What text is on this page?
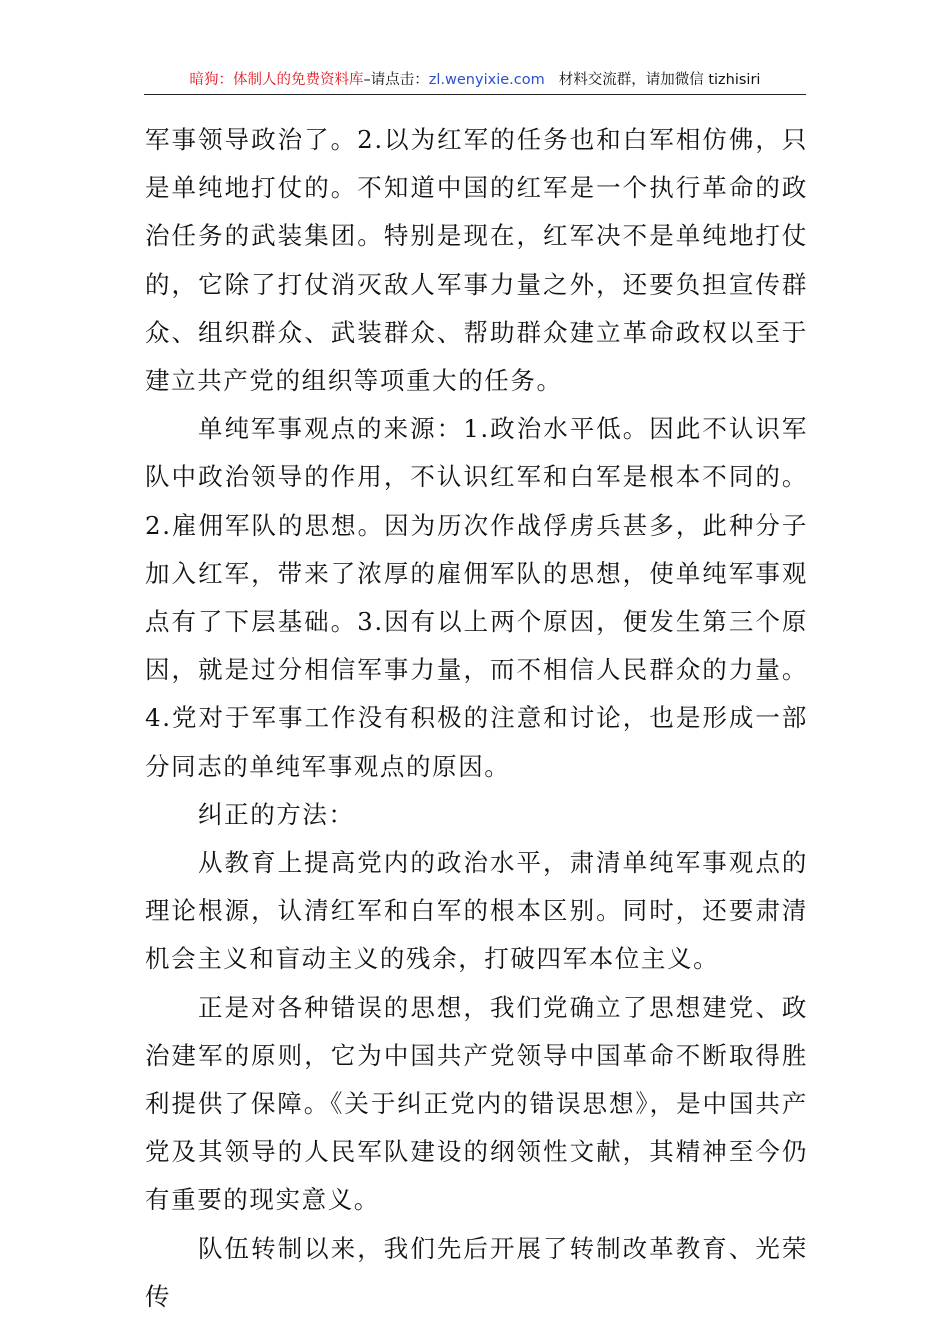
暗狗：体制人的免费资料库–请点击：zl.wenyixie.com 材料交流群，请加微信 tizhisiri

军事领导政治了。2.以为红军的任务也和白军相仿佛，只是单纯地打仗的。不知道中国的红军是一个执行革命的政治任务的武装集团。特别是现在，红军决不是单纯地打仗的，它除了打仗消灭敌人军事力量之外，还要负担宣传群众、组织群众、武装群众、帮助群众建立革命政权以至于建立共产党的组织等项重大的任务。

单纯军事观点的来源：1.政治水平低。因此不认识军队中政治领导的作用，不认识红军和白军是根本不同的。2.雇佣军队的思想。因为历次作战俘虏兵甚多，此种分子加入红军，带来了浓厚的雇佣军队的思想，使单纯军事观点有了下层基础。3.因有以上两个原因，便发生第三个原因，就是过分相信军事力量，而不相信人民群众的力量。4.党对于军事工作没有积极的注意和讨论，也是形成一部分同志的单纯军事观点的原因。

纠正的方法：

从教育上提高党内的政治水平，肃清单纯军事观点的理论根源，认清红军和白军的根本区别。同时，还要肃清机会主义和盲动主义的残余，打破四军本位主义。

正是对各种错误的思想，我们党确立了思想建党、政治建军的原则，它为中国共产党领导中国革命不断取得胜利提供了保障。《关于纠正党内的错误思想》，是中国共产党及其领导的人民军队建设的纲领性文献，其精神至今仍有重要的现实意义。

队伍转制以来，我们先后开展了转制改革教育、光荣传
